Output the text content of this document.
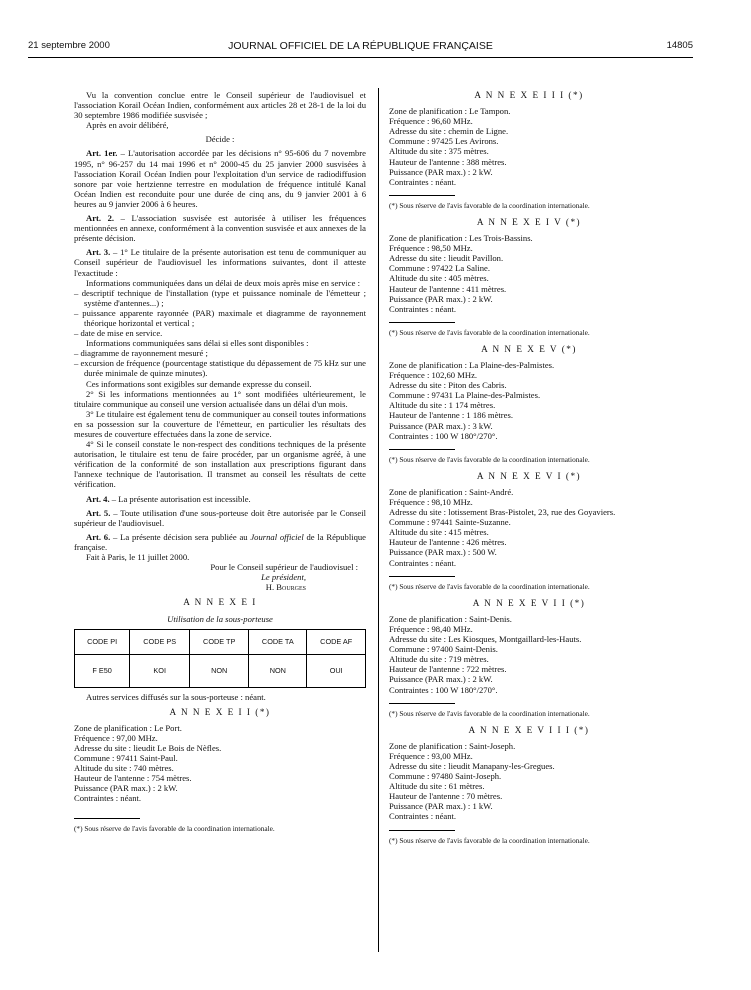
21 septembre 2000	JOURNAL OFFICIEL DE LA RÉPUBLIQUE FRANÇAISE	14805

Vu la convention conclue entre le Conseil supérieur de l'audiovisuel et l'association Korail Océan Indien, conformément aux articles 28 et 28-1 de la loi du 30 septembre 1986 modifiée susvisée ;

Après en avoir délibéré,

Décide :

Art. 1er. – L'autorisation accordée par les décisions n° 95-606 du 7 novembre 1995, n° 96-257 du 14 mai 1996 et n° 2000-45 du 25 janvier 2000 susvisées à l'association Korail Océan Indien pour l'exploitation d'un service de radiodiffusion sonore par voie hertzienne terrestre en modulation de fréquence intitulé Kanal Océan Indien est reconduite pour une durée de cinq ans, du 9 janvier 2001 à 6 heures au 9 janvier 2006 à 6 heures.

Art. 2. – L'association susvisée est autorisée à utiliser les fréquences mentionnées en annexe, conformément à la convention susvisée et aux annexes de la présente décision.

Art. 3. – 1° Le titulaire de la présente autorisation est tenu de communiquer au Conseil supérieur de l'audiovisuel les informations suivantes, dont il atteste l'exactitude :

Informations communiquées dans un délai de deux mois après mise en service :

– descriptif technique de l'installation (type et puissance nominale de l'émetteur ; système d'antennes...) ;

– puissance apparente rayonnée (PAR) maximale et diagramme de rayonnement théorique horizontal et vertical ;

– date de mise en service.

Informations communiquées sans délai si elles sont disponibles :

– diagramme de rayonnement mesuré ;

– excursion de fréquence (pourcentage statistique du dépassement de 75 kHz sur une durée minimale de quinze minutes).

Ces informations sont exigibles sur demande expresse du conseil.

2° Si les informations mentionnées au 1° sont modifiées ultérieurement, le titulaire communique au conseil une version actualisée dans un délai d'un mois.

3° Le titulaire est également tenu de communiquer au conseil toutes informations en sa possession sur la couverture de l'émetteur, en particulier les résultats des mesures de couverture effectuées dans la zone de service.

4° Si le conseil constate le non-respect des conditions techniques de la présente autorisation, le titulaire est tenu de faire procéder, par un organisme agréé, à une vérification de la conformité de son installation aux prescriptions figurant dans l'annexe technique de l'autorisation. Il transmet au conseil les résultats de cette vérification.

Art. 4. – La présente autorisation est incessible.

Art. 5. – Toute utilisation d'une sous-porteuse doit être autorisée par le Conseil supérieur de l'audiovisuel.

Art. 6. – La présente décision sera publiée au Journal officiel de la République française.

Fait à Paris, le 11 juillet 2000.

Pour le Conseil supérieur de l'audiovisuel :

Le président,

H. Bourges

A N N E X E I

Utilisation de la sous-porteuse

CODE PI	CODE PS	CODE TP	CODE TA	CODE AF
F E50	KOI	NON	NON	OUI

Autres services diffusés sur la sous-porteuse : néant.

A N N E X E I I (*)

Zone de planification : Le Port.

Fréquence : 97,00 MHz.

Adresse du site : lieudit Le Bois de Nèfles.

Commune : 97411 Saint-Paul.

Altitude du site : 740 mètres.

Hauteur de l'antenne : 754 mètres.

Puissance (PAR max.) : 2 kW.

Contraintes : néant.

(*) Sous réserve de l'avis favorable de la coordination internationale.

A N N E X E I I I (*)

Zone de planification : Le Tampon.

Fréquence : 96,60 MHz.

Adresse du site : chemin de Ligne.

Commune : 97425 Les Avirons.

Altitude du site : 375 mètres.

Hauteur de l'antenne : 388 mètres.

Puissance (PAR max.) : 2 kW.

Contraintes : néant.

(*) Sous réserve de l'avis favorable de la coordination internationale.

A N N E X E I V (*)

Zone de planification : Les Trois-Bassins.

Fréquence : 98,50 MHz.

Adresse du site : lieudit Pavillon.

Commune : 97422 La Saline.

Altitude du site : 405 mètres.

Hauteur de l'antenne : 411 mètres.

Puissance (PAR max.) : 2 kW.

Contraintes : néant.

(*) Sous réserve de l'avis favorable de la coordination internationale.

A N N E X E V (*)

Zone de planification : La Plaine-des-Palmistes.

Fréquence : 102,60 MHz.

Adresse du site : Piton des Cabris.

Commune : 97431 La Plaine-des-Palmistes.

Altitude du site : 1 174 mètres.

Hauteur de l'antenne : 1 186 mètres.

Puissance (PAR max.) : 3 kW.

Contraintes : 100 W 180°/270°.

(*) Sous réserve de l'avis favorable de la coordination internationale.

A N N E X E V I (*)

Zone de planification : Saint-André.

Fréquence : 98,10 MHz.

Adresse du site : lotissement Bras-Pistolet, 23, rue des Goyaviers.

Commune : 97441 Sainte-Suzanne.

Altitude du site : 415 mètres.

Hauteur de l'antenne : 426 mètres.

Puissance (PAR max.) : 500 W.

Contraintes : néant.

(*) Sous réserve de l'avis favorable de la coordination internationale.

A N N E X E V I I (*)

Zone de planification : Saint-Denis.

Fréquence : 98,40 MHz.

Adresse du site : Les Kiosques, Montgaillard-les-Hauts.

Commune : 97400 Saint-Denis.

Altitude du site : 719 mètres.

Hauteur de l'antenne : 722 mètres.

Puissance (PAR max.) : 2 kW.

Contraintes : 100 W 180°/270°.

(*) Sous réserve de l'avis favorable de la coordination internationale.

A N N E X E V I I I (*)

Zone de planification : Saint-Joseph.

Fréquence : 93,00 MHz.

Adresse du site : lieudit Manapany-les-Gregues.

Commune : 97480 Saint-Joseph.

Altitude du site : 61 mètres.

Hauteur de l'antenne : 70 mètres.

Puissance (PAR max.) : 1 kW.

Contraintes : néant.

(*) Sous réserve de l'avis favorable de la coordination internationale.
